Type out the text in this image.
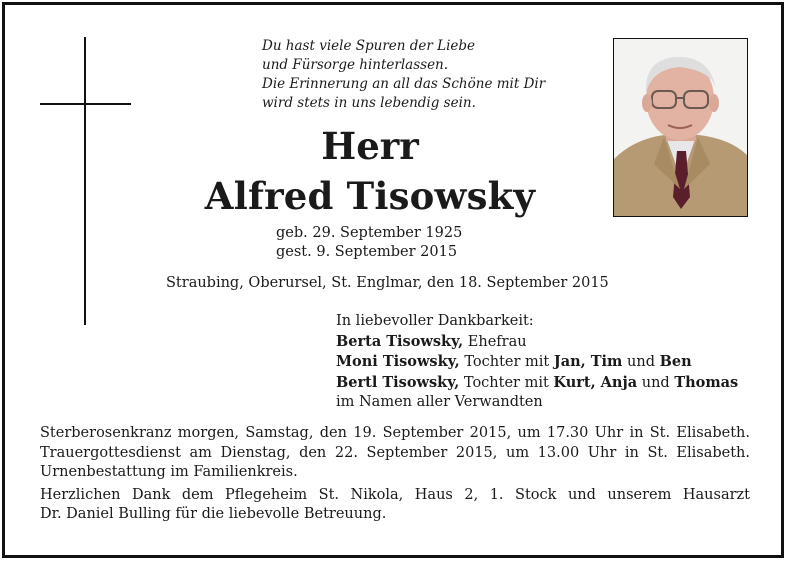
Du hast viele Spuren der Liebe
und Fürsorge hinterlassen.
Die Erinnerung an all das Schöne mit Dir
wird stets in uns lebendig sein.
Herr
Alfred Tisowsky
geb. 29. September 1925
gest. 9. September 2015
Straubing, Oberursel, St. Englmar, den 18. September 2015
In liebevoller Dankbarkeit:
Berta Tisowsky, Ehefrau
Moni Tisowsky, Tochter mit Jan, Tim und Ben
Bertl Tisowsky, Tochter mit Kurt, Anja und Thomas
im Namen aller Verwandten
Sterberosenkranz morgen, Samstag, den 19. September 2015, um 17.30 Uhr in St. Elisabeth.
Trauergottesdienst am Dienstag, den 22. September 2015, um 13.00 Uhr in St. Elisabeth.
Urnenbestattung im Familienkreis.
Herzlichen Dank dem Pflegeheim St. Nikola, Haus 2, 1. Stock und unserem Hausarzt
Dr. Daniel Bulling für die liebevolle Betreuung.
